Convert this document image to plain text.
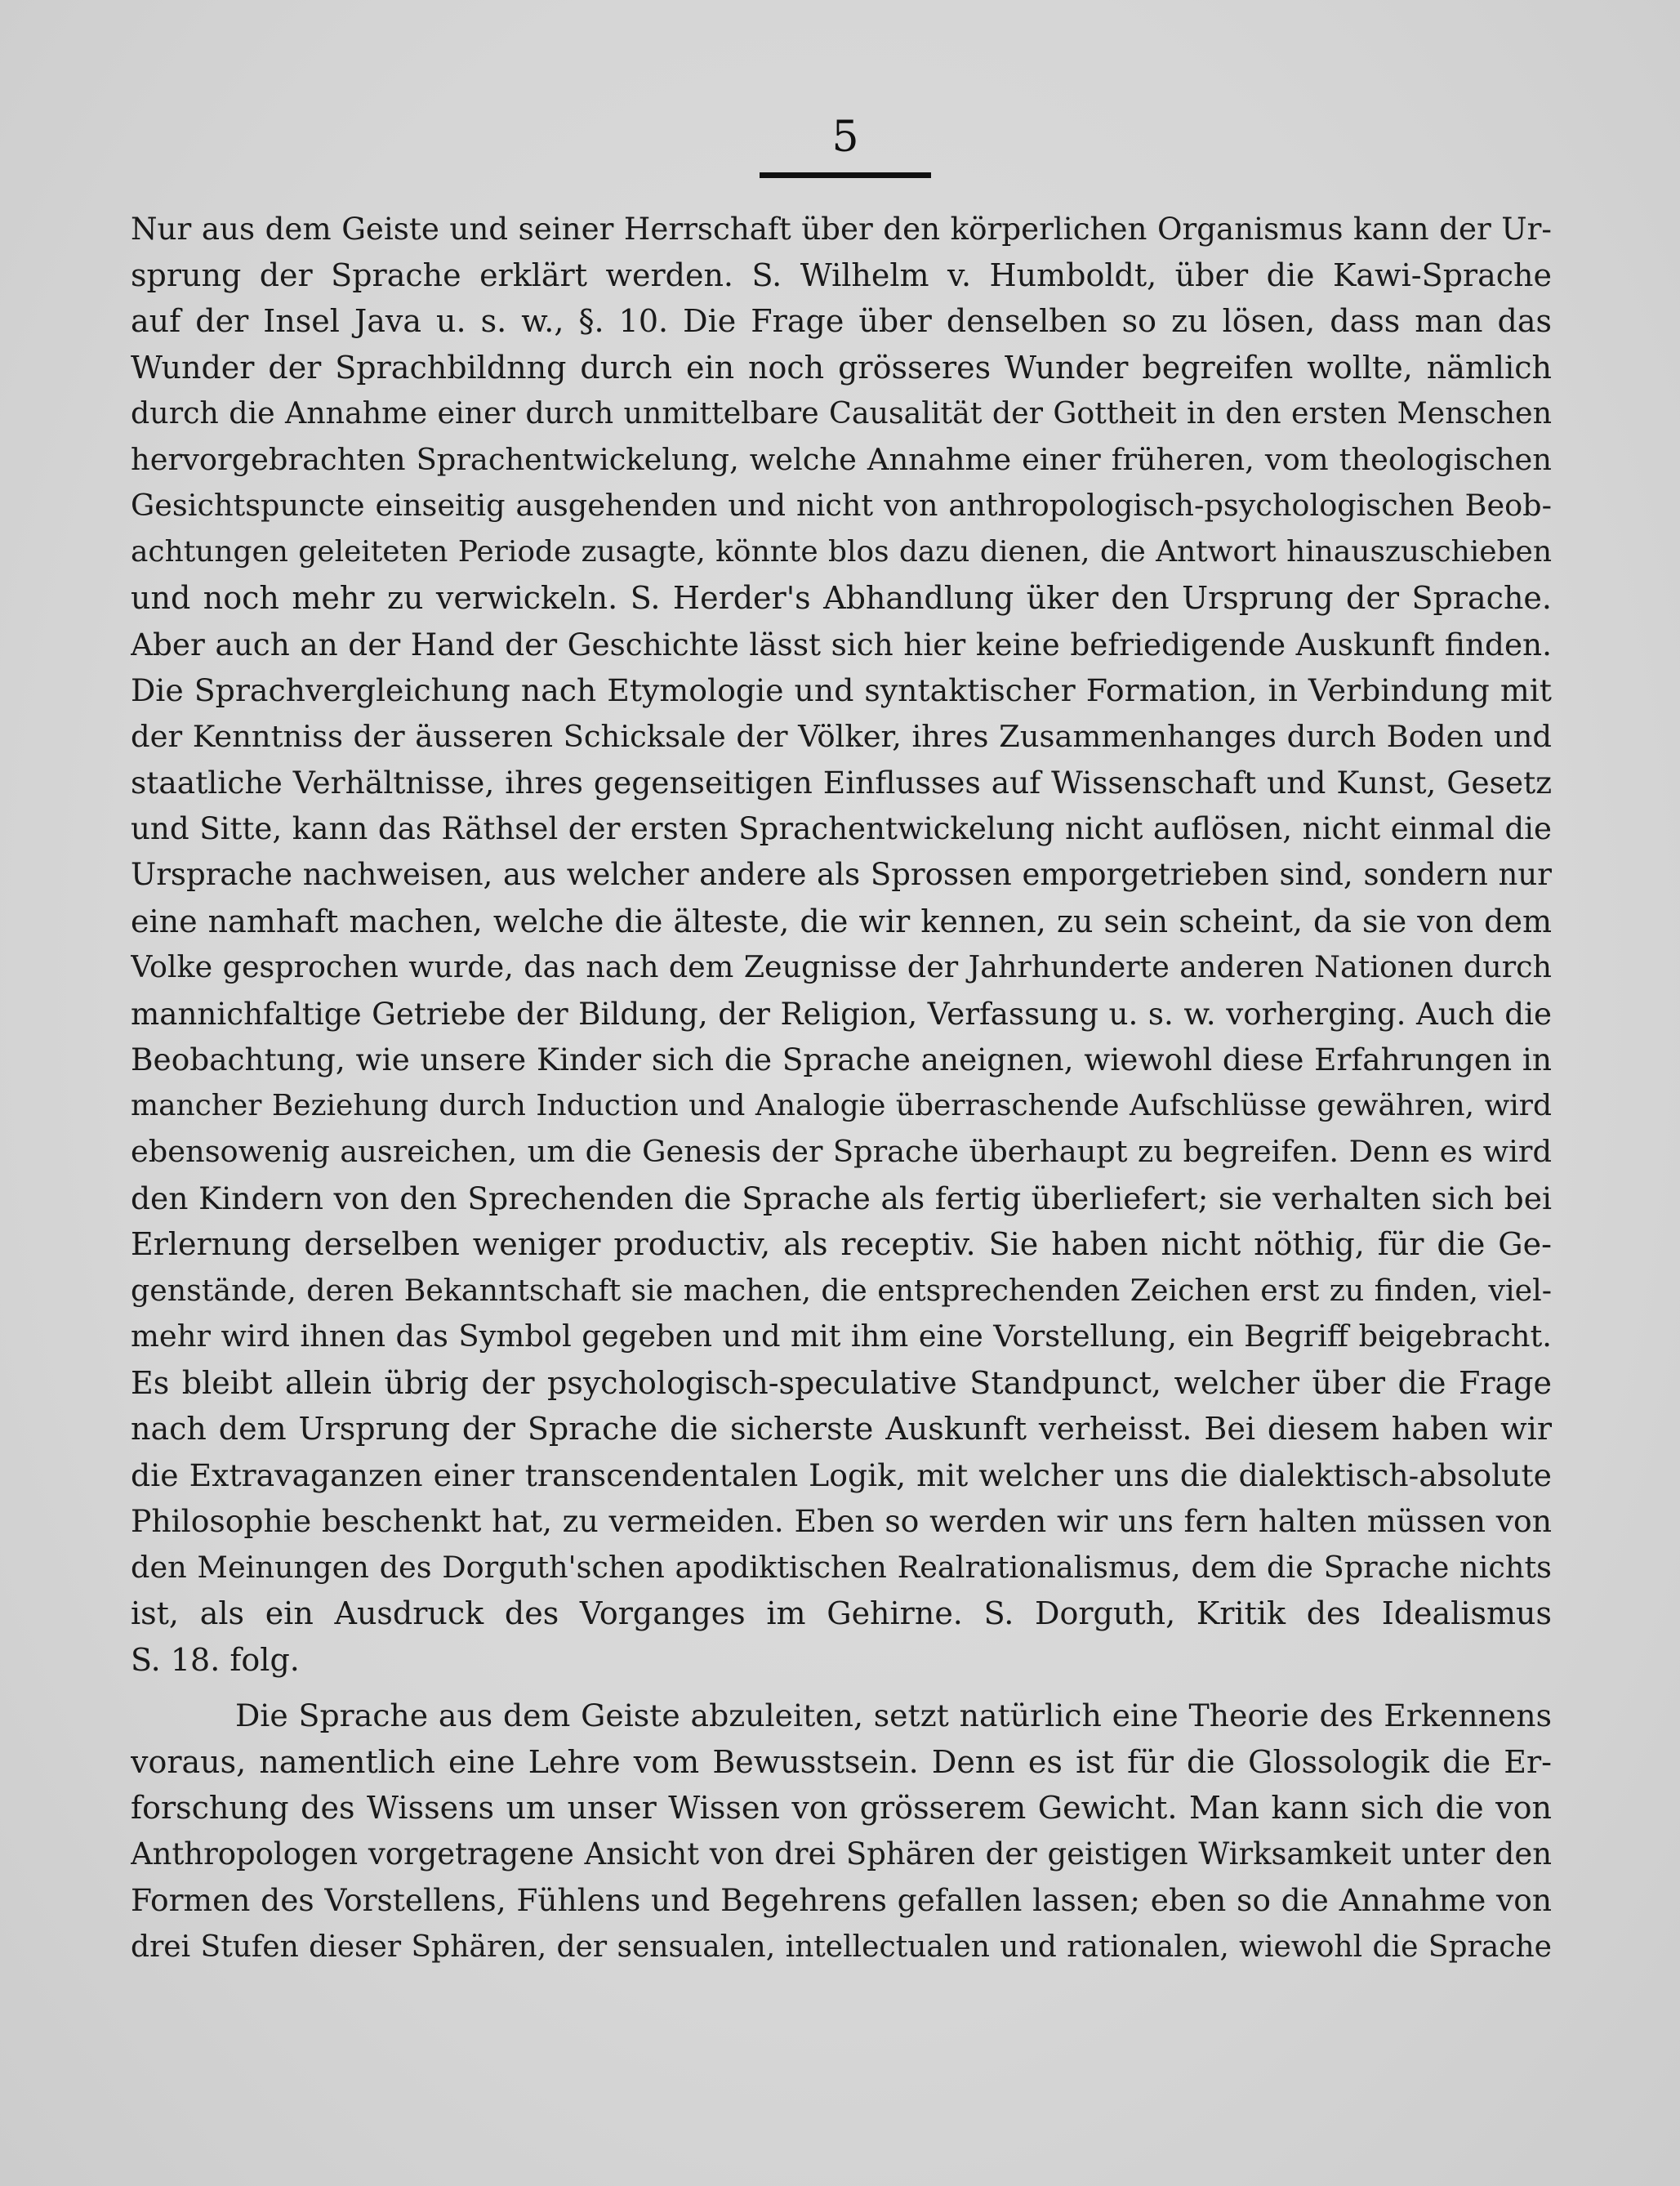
5
Nur aus dem Geiste und seiner Herrschaft über den körperlichen Organismus kann der Ur-
sprung der Sprache erklärt werden. S. Wilhelm v. Humboldt, über die Kawi-Sprache
auf der Insel Java u. s. w., §. 10. Die Frage über denselben so zu lösen, dass man das
Wunder der Sprachbildnng durch ein noch grösseres Wunder begreifen wollte, nämlich
durch die Annahme einer durch unmittelbare Causalität der Gottheit in den ersten Menschen
hervorgebrachten Sprachentwickelung, welche Annahme einer früheren, vom theologischen
Gesichtspuncte einseitig ausgehenden und nicht von anthropologisch-psychologischen Beob-
achtungen geleiteten Periode zusagte, könnte blos dazu dienen, die Antwort hinauszuschieben
und noch mehr zu verwickeln. S. Herder's Abhandlung üker den Ursprung der Sprache.
Aber auch an der Hand der Geschichte lässt sich hier keine befriedigende Auskunft finden.
Die Sprachvergleichung nach Etymologie und syntaktischer Formation, in Verbindung mit
der Kenntniss der äusseren Schicksale der Völker, ihres Zusammenhanges durch Boden und
staatliche Verhältnisse, ihres gegenseitigen Einflusses auf Wissenschaft und Kunst, Gesetz
und Sitte, kann das Räthsel der ersten Sprachentwickelung nicht auflösen, nicht einmal die
Ursprache nachweisen, aus welcher andere als Sprossen emporgetrieben sind, sondern nur
eine namhaft machen, welche die älteste, die wir kennen, zu sein scheint, da sie von dem
Volke gesprochen wurde, das nach dem Zeugnisse der Jahrhunderte anderen Nationen durch
mannichfaltige Getriebe der Bildung, der Religion, Verfassung u. s. w. vorherging. Auch die
Beobachtung, wie unsere Kinder sich die Sprache aneignen, wiewohl diese Erfahrungen in
mancher Beziehung durch Induction und Analogie überraschende Aufschlüsse gewähren, wird
ebensowenig ausreichen, um die Genesis der Sprache überhaupt zu begreifen. Denn es wird
den Kindern von den Sprechenden die Sprache als fertig überliefert; sie verhalten sich bei
Erlernung derselben weniger productiv, als receptiv. Sie haben nicht nöthig, für die Ge-
genstände, deren Bekanntschaft sie machen, die entsprechenden Zeichen erst zu finden, viel-
mehr wird ihnen das Symbol gegeben und mit ihm eine Vorstellung, ein Begriff beigebracht.
Es bleibt allein übrig der psychologisch-speculative Standpunct, welcher über die Frage
nach dem Ursprung der Sprache die sicherste Auskunft verheisst. Bei diesem haben wir
die Extravaganzen einer transcendentalen Logik, mit welcher uns die dialektisch-absolute
Philosophie beschenkt hat, zu vermeiden. Eben so werden wir uns fern halten müssen von
den Meinungen des Dorguth'schen apodiktischen Realrationalismus, dem die Sprache nichts
ist, als ein Ausdruck des Vorganges im Gehirne. S. Dorguth, Kritik des Idealismus
S. 18. folg.
Die Sprache aus dem Geiste abzuleiten, setzt natürlich eine Theorie des Erkennens
voraus, namentlich eine Lehre vom Bewusstsein. Denn es ist für die Glossologik die Er-
forschung des Wissens um unser Wissen von grösserem Gewicht. Man kann sich die von
Anthropologen vorgetragene Ansicht von drei Sphären der geistigen Wirksamkeit unter den
Formen des Vorstellens, Fühlens und Begehrens gefallen lassen; eben so die Annahme von
drei Stufen dieser Sphären, der sensualen, intellectualen und rationalen, wiewohl die Sprache
